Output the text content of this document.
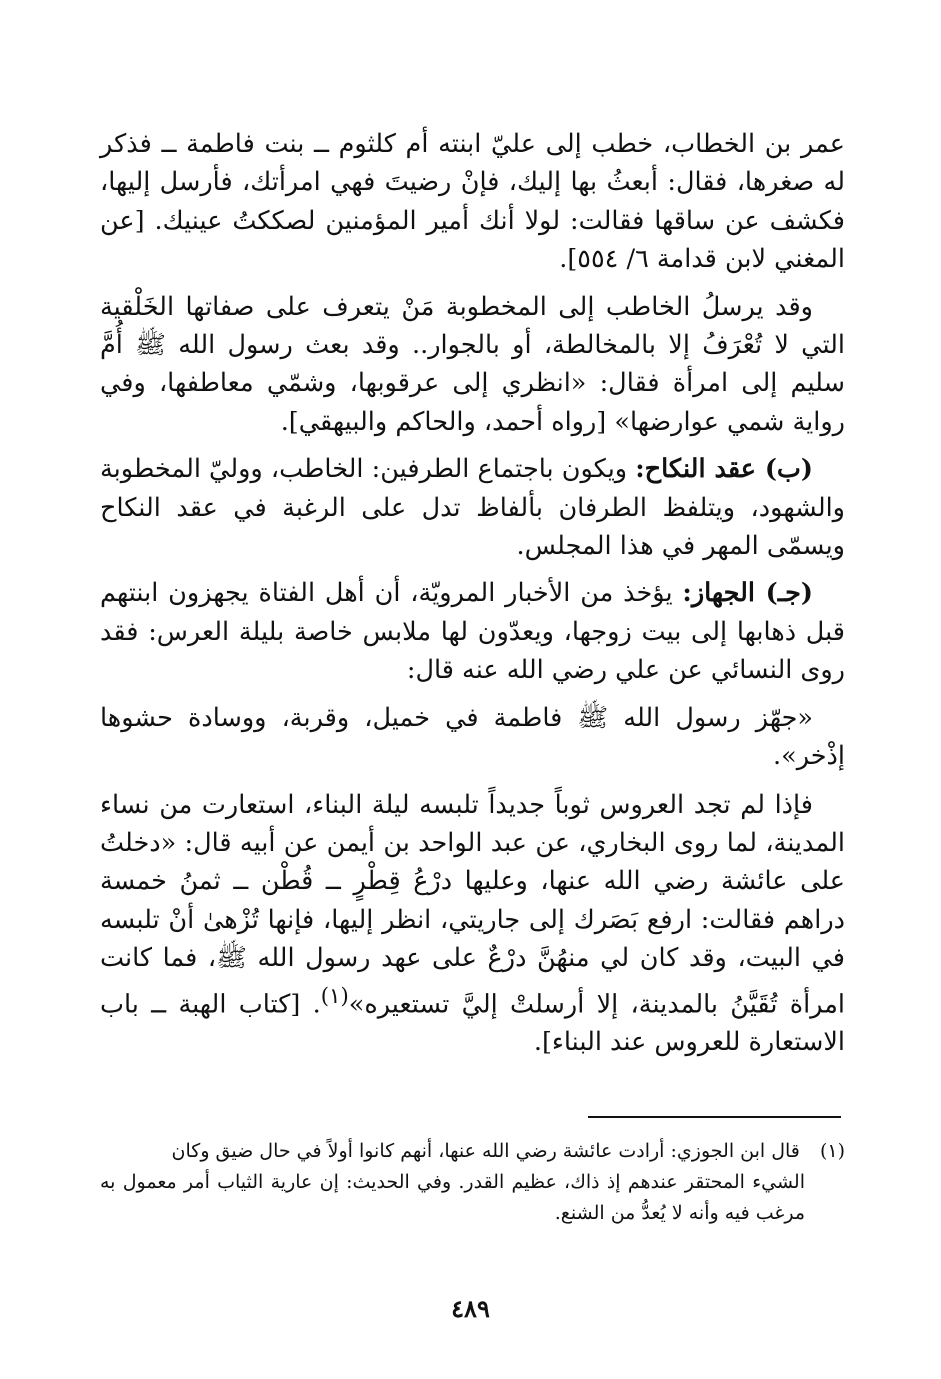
عمر بن الخطاب، خطب إلى عليّ ابنته أم كلثوم ــ بنت فاطمة ــ فذكر له صغرها، فقال: أبعثُ بها إليك، فإنْ رضيتَ فهي امرأتك، فأرسل إليها، فكشف عن ساقها فقالت: لولا أنك أمير المؤمنين لصككتُ عينيك. [عن المغني لابن قدامة ٦/ ٥٥٤].

وقد يرسلُ الخاطب إلى المخطوبة مَنْ يتعرف على صفاتها الخَلْقية التي لا تُعْرَفُ إلا بالمخالطة، أو بالجوار.. وقد بعث رسول الله ﷺ أُمَّ سليم إلى امرأة فقال: «انظري إلى عرقوبها، وشمّي معاطفها، وفي رواية شمي عوارضها» [رواه أحمد، والحاكم والبيهقي].

(ب) عقد النكاح: ويكون باجتماع الطرفين: الخاطب، ووليّ المخطوبة والشهود، ويتلفظ الطرفان بألفاظ تدل على الرغبة في عقد النكاح ويسمّى المهر في هذا المجلس.

(جـ) الجهاز: يؤخذ من الأخبار المرويّة، أن أهل الفتاة يجهزون ابنتهم قبل ذهابها إلى بيت زوجها، ويعدّون لها ملابس خاصة بليلة العرس: فقد روى النسائي عن علي رضي الله عنه قال:

«جهّز رسول الله ﷺ فاطمة في خميل، وقربة، ووسادة حشوها إذْخر».

فإذا لم تجد العروس ثوباً جديداً تلبسه ليلة البناء، استعارت من نساء المدينة، لما روى البخاري، عن عبد الواحد بن أيمن عن أبيه قال: «دخلتُ على عائشة رضي الله عنها، وعليها درْعُ قِطْرٍ ــ قُطْن ــ ثمنُ خمسة دراهم فقالت: ارفع بَصَرك إلى جاريتي، انظر إليها، فإنها تُزْهىٰ أنْ تلبسه في البيت، وقد كان لي منهُنَّ درْعٌ على عهد رسول الله ﷺ، فما كانت امرأة تُقَيَّنُ بالمدينة، إلا أرسلتْ إليَّ تستعيره»$^{(١)}$. [كتاب الهبة ــ باب الاستعارة للعروس عند البناء].

(١) قال ابن الجوزي: أرادت عائشة رضي الله عنها، أنهم كانوا أولاً في حال ضيق وكان
الشيء المحتقر عندهم إذ ذاك، عظيم القدر. وفي الحديث: إن عارية الثياب أمر معمول به مرغب فيه وأنه لا يُعدُّ من الشنع.
٤٨٩
